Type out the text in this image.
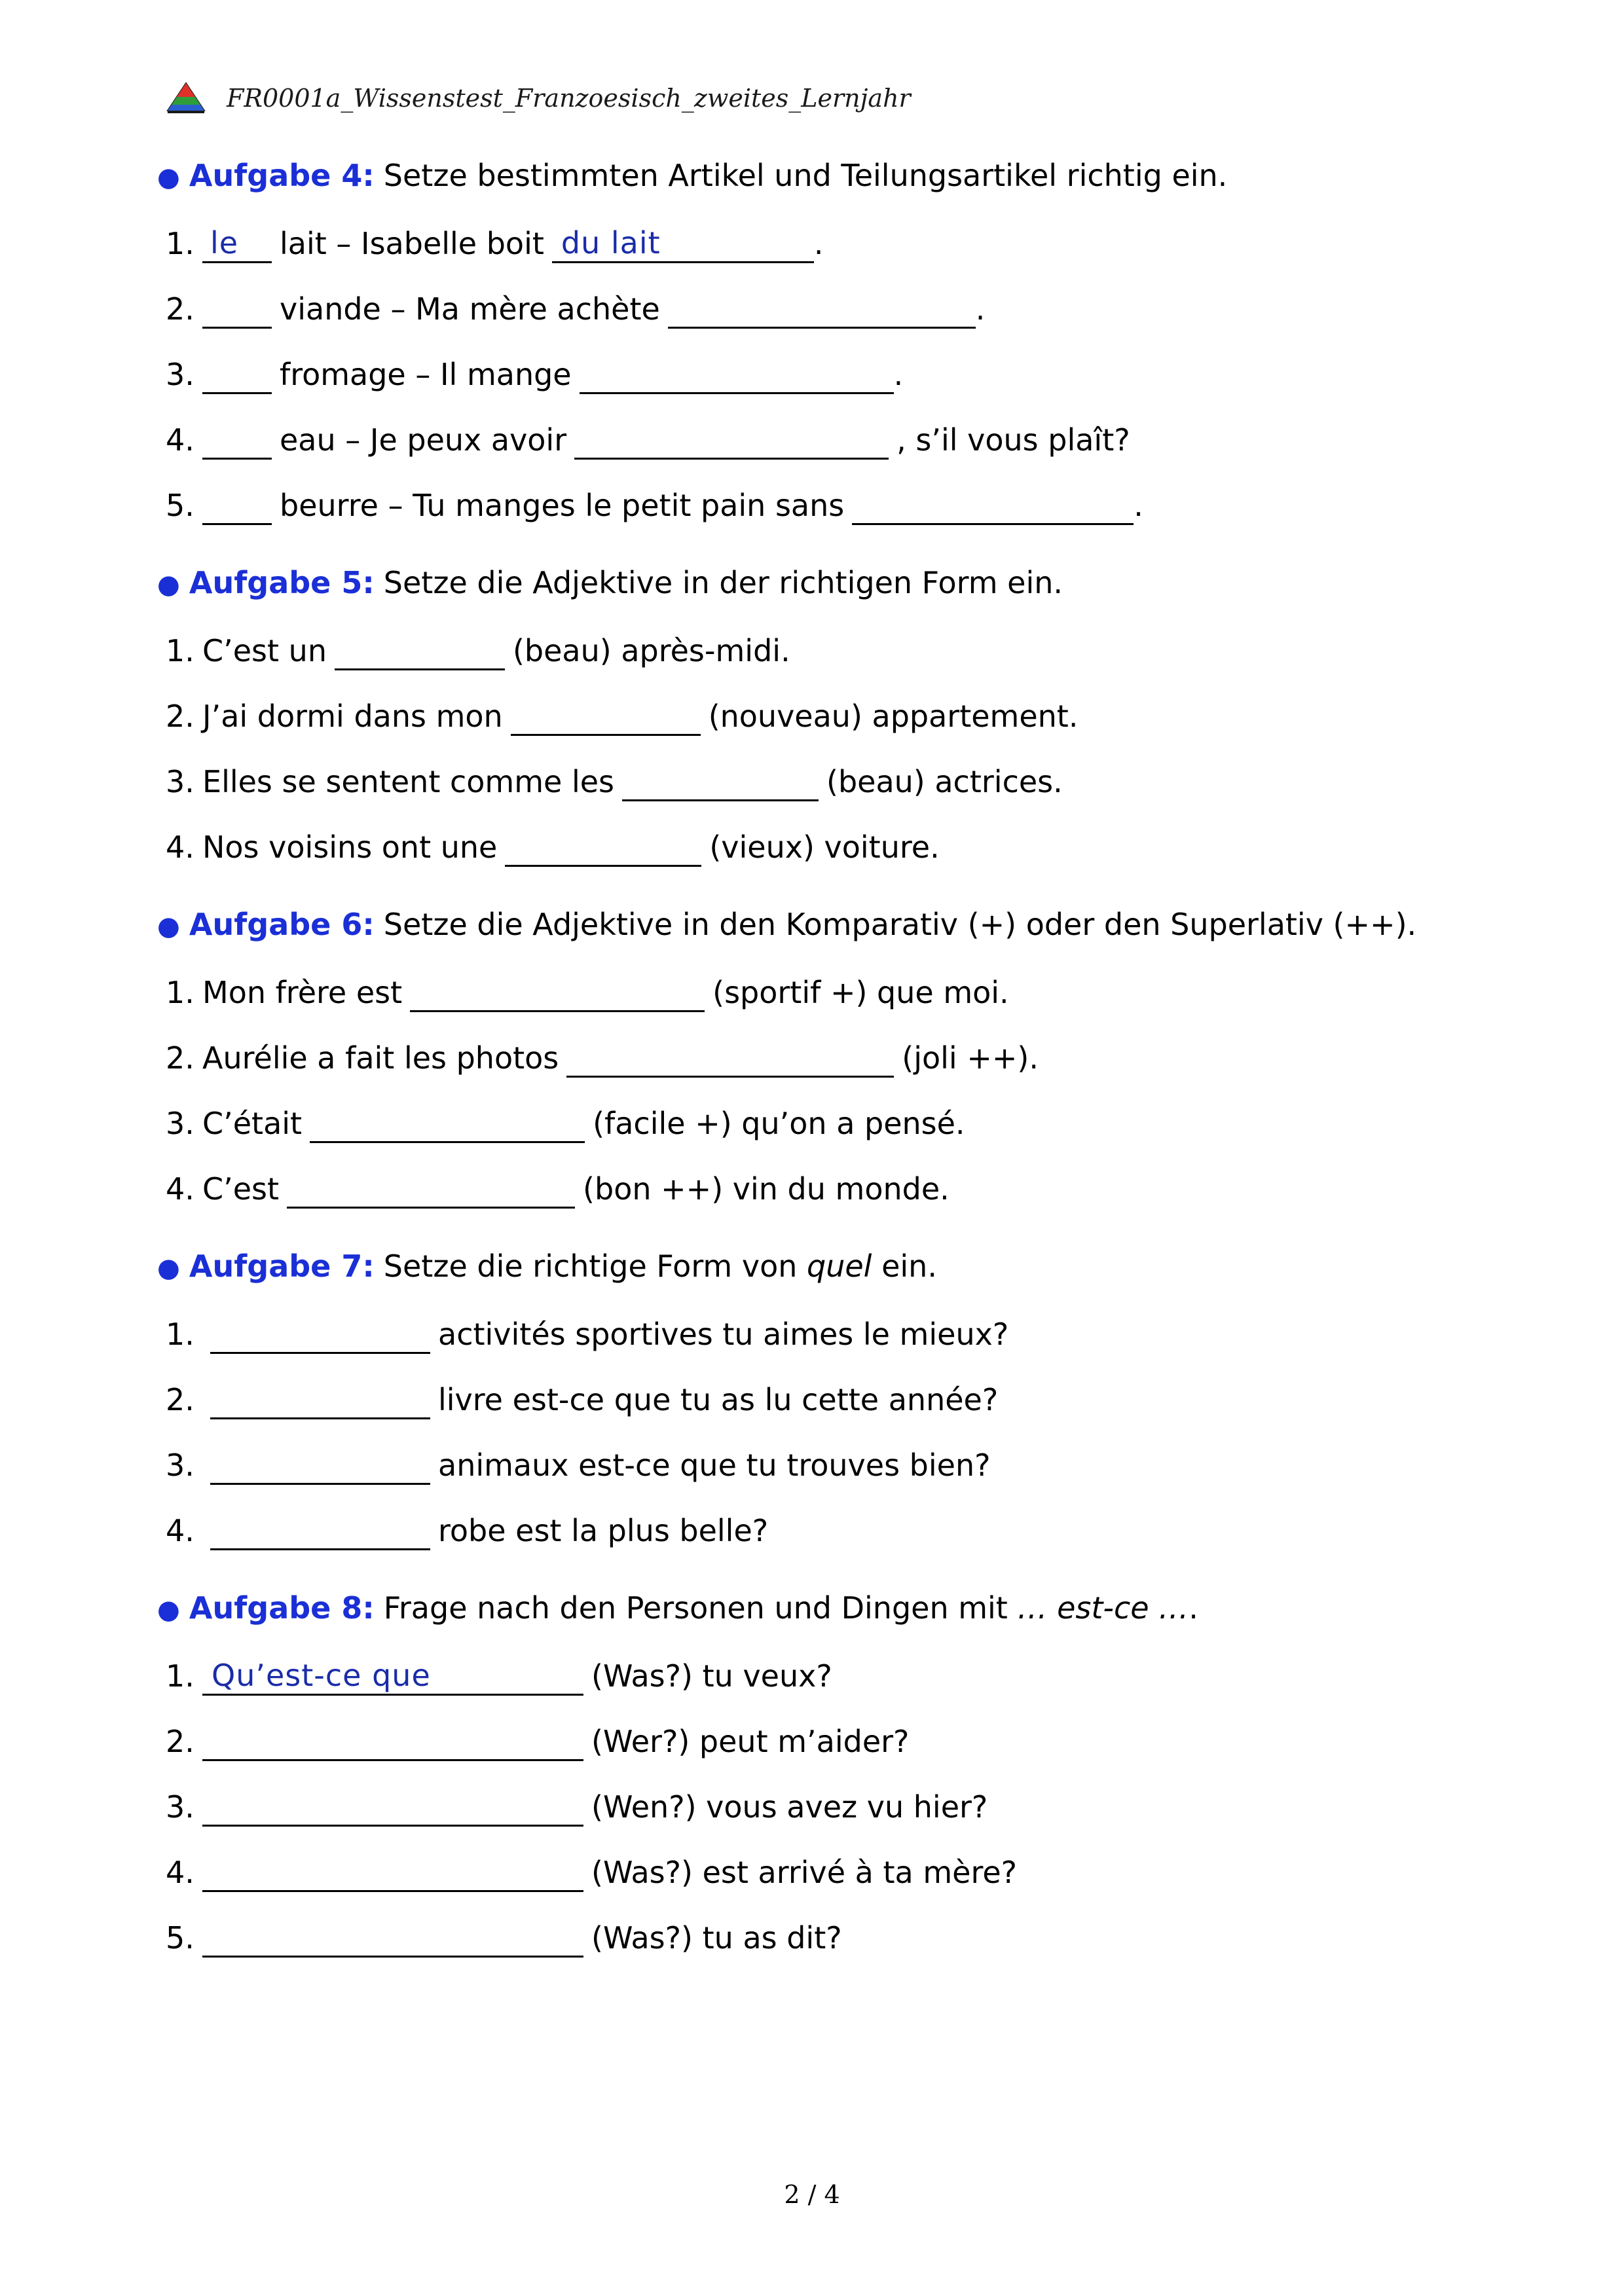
FR0001a_Wissenstest_Franzoesisch_zweites_Lernjahr
● Aufgabe 4: Setze bestimmten Artikel und Teilungsartikel richtig ein.
1. le lait – Isabelle boit du lait	.
2.	viande – Ma mère achète	.
3.	fromage – Il mange	.
4.	eau – Je peux avoir	, s’il vous plaît?
5.	beurre – Tu manges le petit pain sans	.
● Aufgabe 5: Setze die Adjektive in der richtigen Form ein.
1. C’est un	(beau) après-midi.
2. J’ai dormi dans mon	(nouveau) appartement.
3. Elles se sentent comme les	(beau) actrices.
4. Nos voisins ont une	(vieux) voiture.
● Aufgabe 6: Setze die Adjektive in den Komparativ (+) oder den Superlativ (++).
1. Mon frère est	(sportif +) que moi.
2. Aurélie a fait les photos	(joli ++).
3. C’était	(facile +) qu’on a pensé.
4. C’est	(bon ++) vin du monde.
● Aufgabe 7: Setze die richtige Form von quel ein.
1.	activités sportives tu aimes le mieux?
2.	livre est-ce que tu as lu cette année?
3.	animaux est-ce que tu trouves bien?
4.	robe est la plus belle?
● Aufgabe 8: Frage nach den Personen und Dingen mit … est-ce ….
1. Qu’est-ce que	(Was?) tu veux?
2.	(Wer?) peut m’aider?
3.	(Wen?) vous avez vu hier?
4.	(Was?) est arrivé à ta mère?
5.	(Was?) tu as dit?
2 / 4
